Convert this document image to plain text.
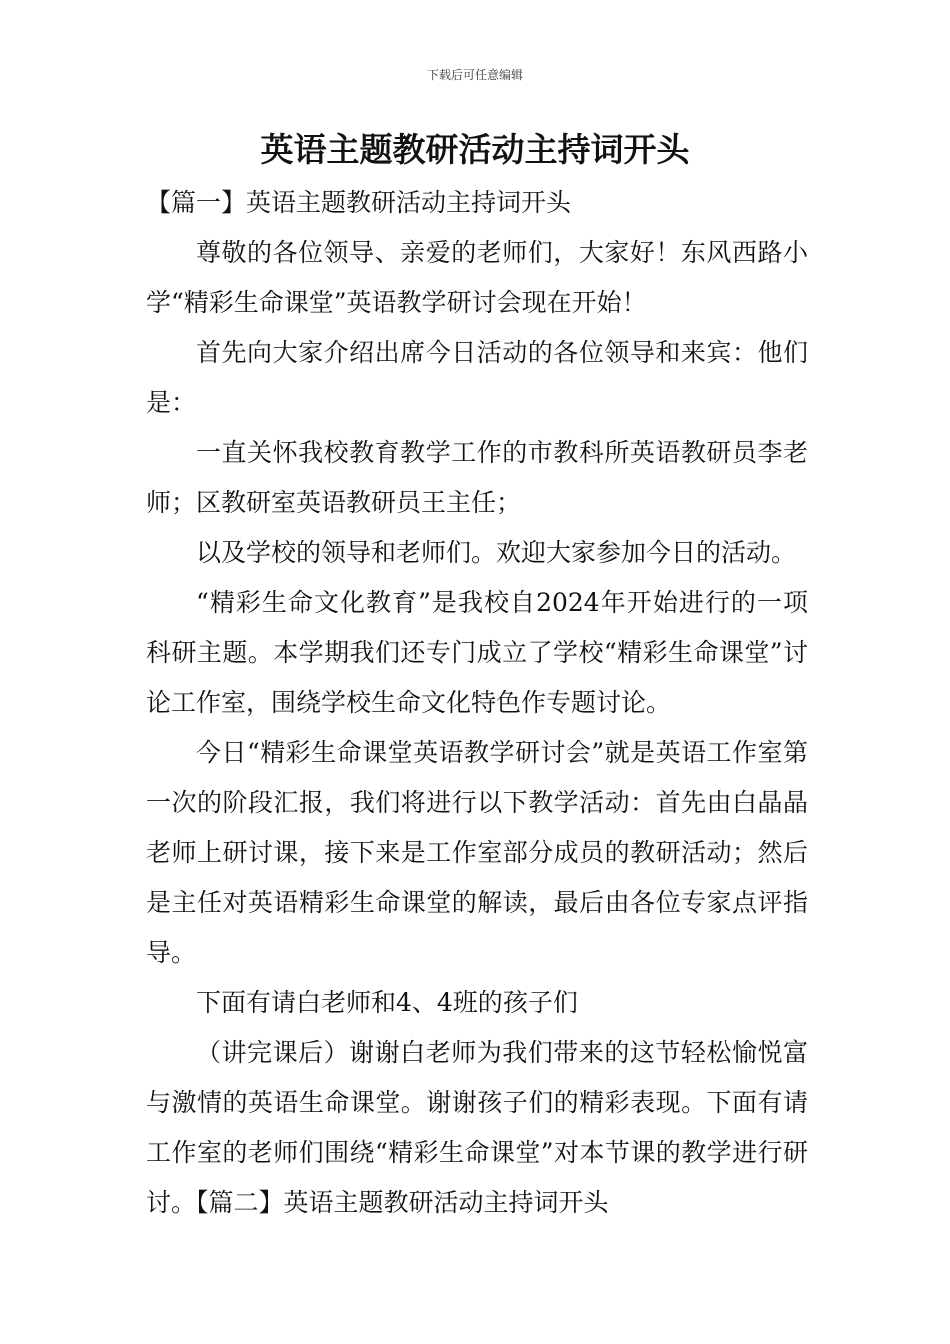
下载后可任意编辑
英语主题教研活动主持词开头

【篇一】英语主题教研活动主持词开头

尊敬的各位领导、亲爱的老师们，大家好！东风西路小学“精彩生命课堂”英语教学研讨会现在开始！

首先向大家介绍出席今日活动的各位领导和来宾：他们是：

一直关怀我校教育教学工作的市教科所英语教研员李老师；区教研室英语教研员王主任；

以及学校的领导和老师们。欢迎大家参加今日的活动。

“精彩生命文化教育”是我校自2024年开始进行的一项科研主题。本学期我们还专门成立了学校“精彩生命课堂”讨论工作室，围绕学校生命文化特色作专题讨论。

今日“精彩生命课堂英语教学研讨会”就是英语工作室第一次的阶段汇报，我们将进行以下教学活动：首先由白晶晶老师上研讨课，接下来是工作室部分成员的教研活动；然后是主任对英语精彩生命课堂的解读，最后由各位专家点评指导。

下面有请白老师和4、4班的孩子们

（讲完课后）谢谢白老师为我们带来的这节轻松愉悦富与激情的英语生命课堂。谢谢孩子们的精彩表现。下面有请工作室的老师们围绕“精彩生命课堂”对本节课的教学进行研讨。【篇二】英语主题教研活动主持词开头
